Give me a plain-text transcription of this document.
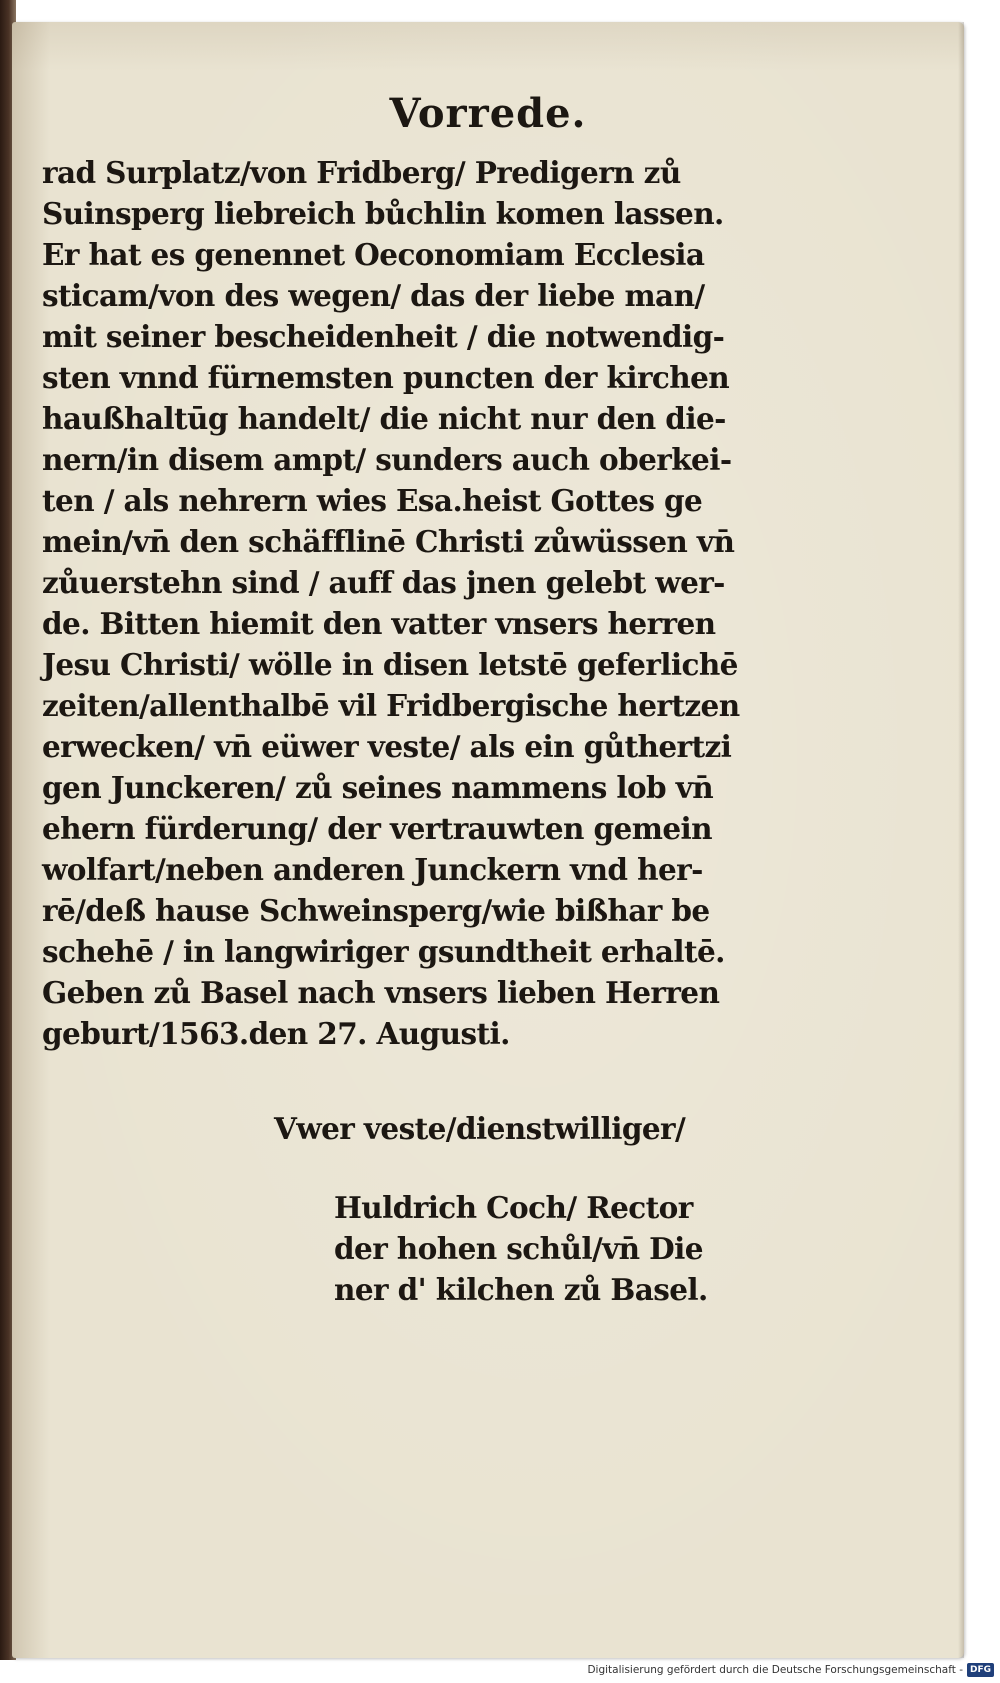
Vorrede.
rad Surplatz/von Fridberg/ Predigern zů
Suinsperg liebreich bůchlin komen lassen.
Er hat es genennet Oeconomiam Ecclesia
sticam/von des wegen/ das der liebe man/
mit seiner bescheidenheit / die notwendig-
sten vnnd fürnemsten puncten der kirchen
haußhaltūg handelt/ die nicht nur den die-
nern/in disem ampt/ sunders auch oberkei-
ten / als nehrern wies Esa.heist Gottes ge
mein/vn̄ den schäfflinē Christi zůwüssen vn̄
zůuerstehn sind / auff das jnen gelebt wer-
de. Bitten hiemit den vatter vnsers herren
Jesu Christi/ wölle in disen letstē geferlichē
zeiten/allenthalbē vil Fridbergische hertzen
erwecken/ vn̄ eüwer veste/ als ein gůthertzi
gen Junckeren/ zů seines nammens lob vn̄
ehern fürderung/ der vertrauwten gemein
wolfart/neben anderen Junckern vnd her-
rē/deß hause Schweinsperg/wie bißhar be
schehē / in langwiriger gsundtheit erhaltē.
Geben zů Basel nach vnsers lieben Herren
geburt/1563.den 27. Augusti.
Vwer veste/dienstwilliger/
Huldrich Coch/ Rector
der hohen schůl/vn̄ Die
ner d' kilchen zů Basel.
Digitalisierung gefördert durch die Deutsche Forschungsgemeinschaft - DFG
